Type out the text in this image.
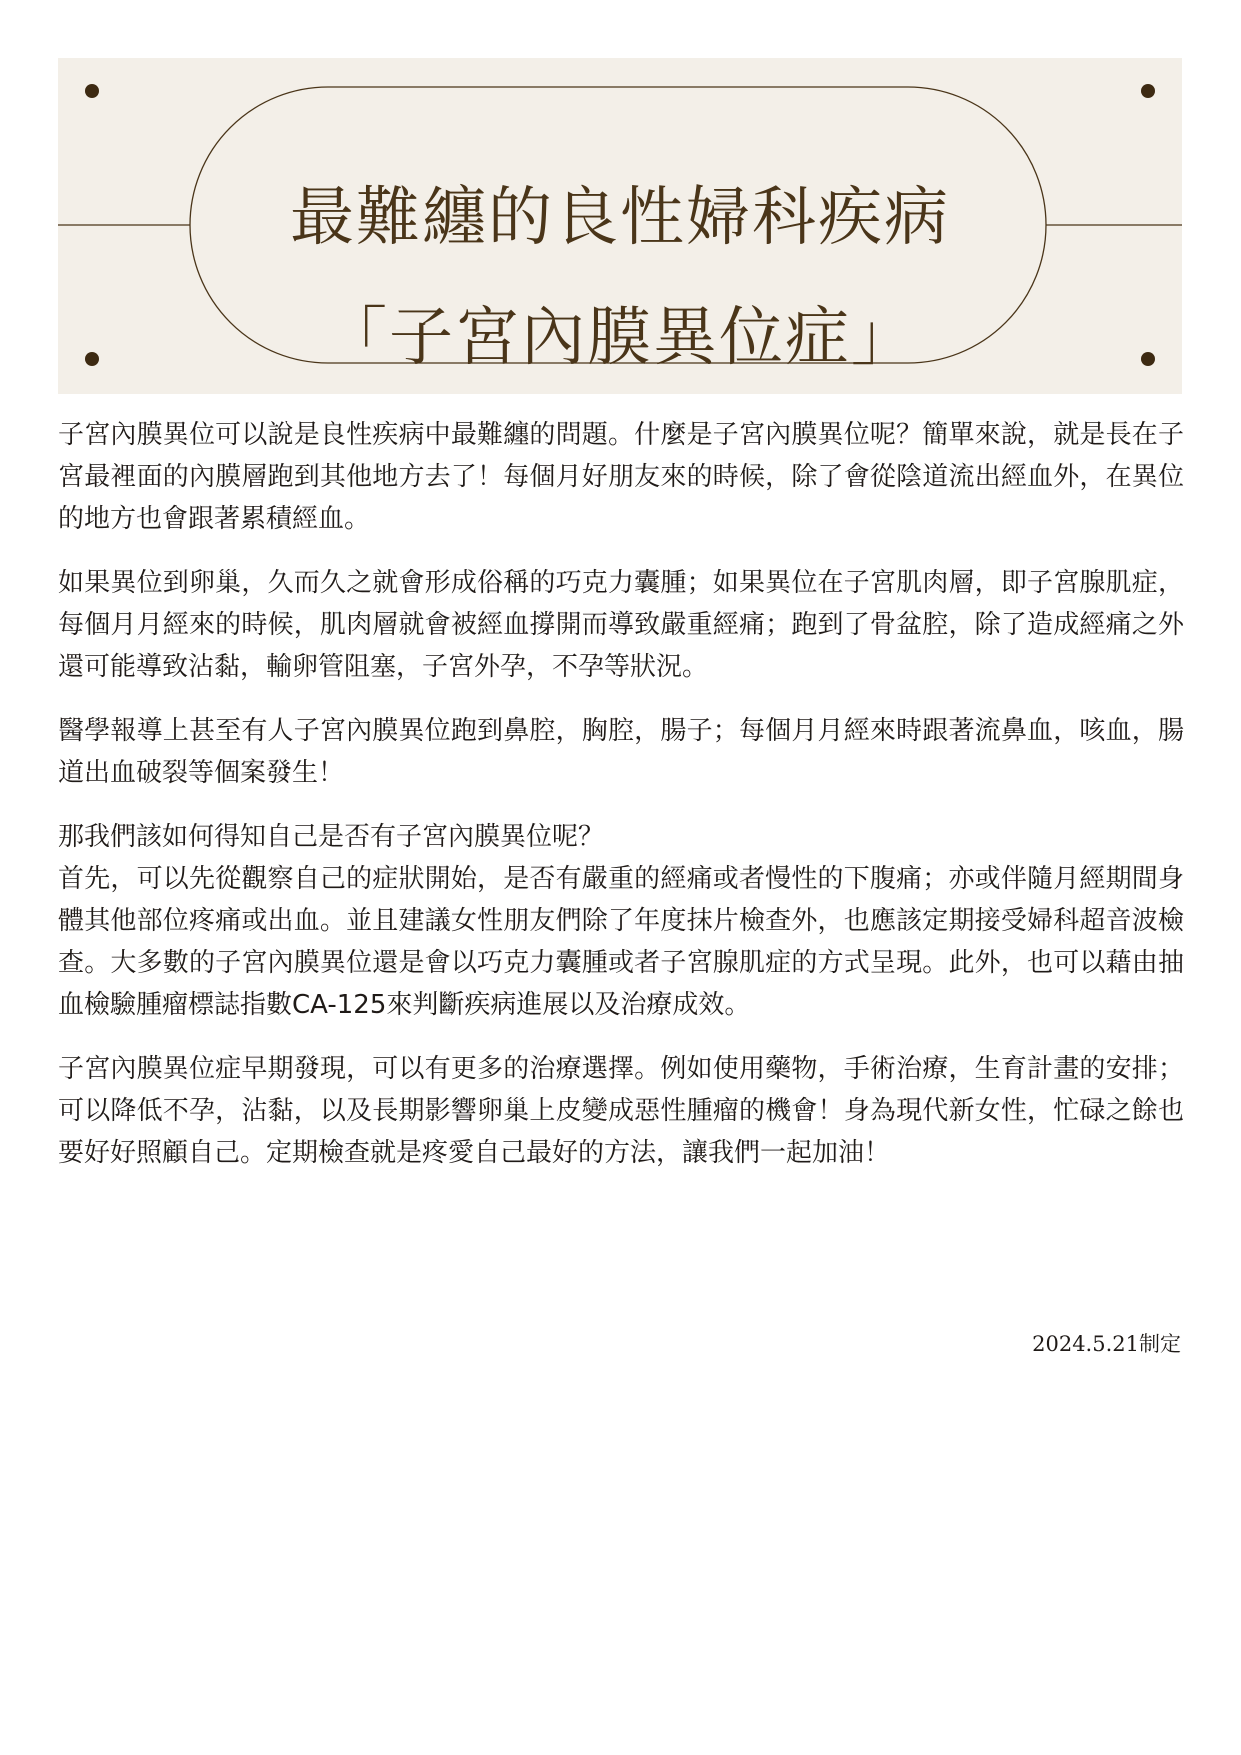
最難纏的良性婦科疾病
「子宮內膜異位症」

子宮內膜異位可以說是良性疾病中最難纏的問題。什麼是子宮內膜異位呢？簡單來說，就是長在子宮最裡面的內膜層跑到其他地方去了！每個月好朋友來的時候，除了會從陰道流出經血外，在異位的地方也會跟著累積經血。

如果異位到卵巢，久而久之就會形成俗稱的巧克力囊腫；如果異位在子宮肌肉層，即子宮腺肌症，每個月月經來的時候，肌肉層就會被經血撐開而導致嚴重經痛；跑到了骨盆腔，除了造成經痛之外還可能導致沾黏，輸卵管阻塞，子宮外孕，不孕等狀況。

醫學報導上甚至有人子宮內膜異位跑到鼻腔，胸腔，腸子；每個月月經來時跟著流鼻血，咳血，腸道出血破裂等個案發生！

那我們該如何得知自己是否有子宮內膜異位呢？

首先，可以先從觀察自己的症狀開始，是否有嚴重的經痛或者慢性的下腹痛；亦或伴隨月經期間身體其他部位疼痛或出血。並且建議女性朋友們除了年度抹片檢查外，也應該定期接受婦科超音波檢查。大多數的子宮內膜異位還是會以巧克力囊腫或者子宮腺肌症的方式呈現。此外，也可以藉由抽血檢驗腫瘤標誌指數CA-125來判斷疾病進展以及治療成效。

子宮內膜異位症早期發現，可以有更多的治療選擇。例如使用藥物，手術治療，生育計畫的安排；可以降低不孕，沾黏，以及長期影響卵巢上皮變成惡性腫瘤的機會！身為現代新女性，忙碌之餘也要好好照顧自己。定期檢查就是疼愛自己最好的方法，讓我們一起加油！

2024.5.21制定
